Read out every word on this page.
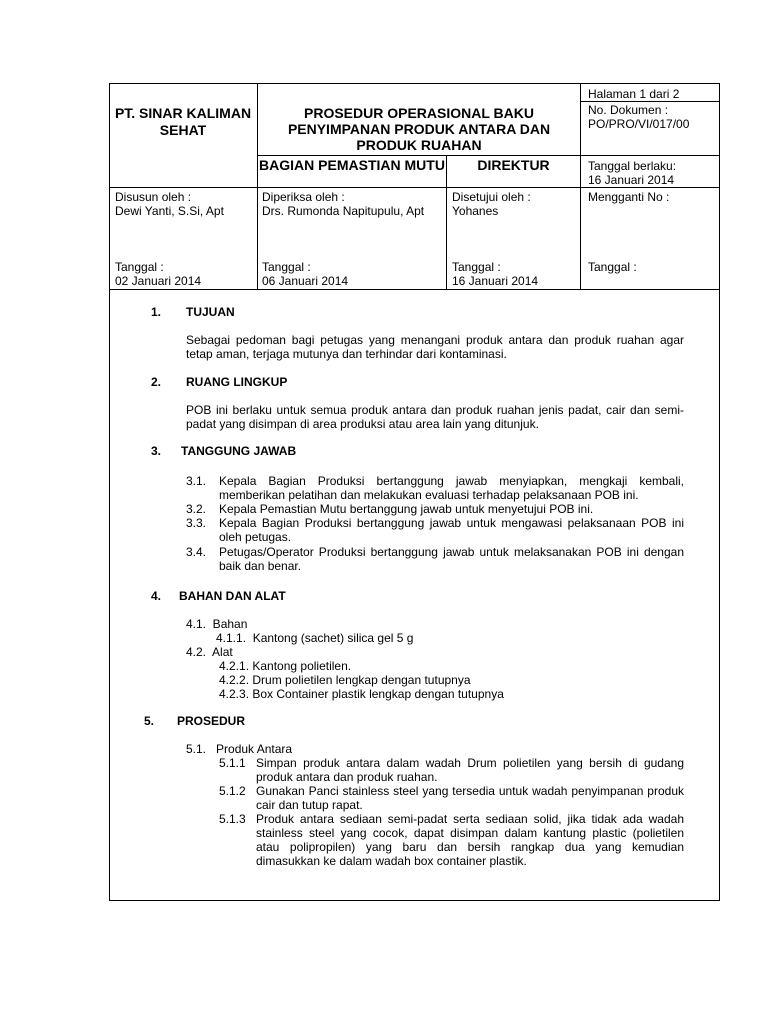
PT. SINAR KALIMAN SEHAT
PROSEDUR OPERASIONAL BAKU PENYIMPANAN PRODUK ANTARA DAN PRODUK RUAHAN
Halaman 1 dari 2
No. Dokumen :
PO/PRO/VI/017/00
BAGIAN PEMASTIAN MUTU	DIREKTUR	Tanggal berlaku:
16 Januari 2014
Disusun oleh :
Dewi Yanti, S.Si, Apt
Diperiksa oleh :
Drs. Rumonda Napitupulu, Apt
Disetujui oleh :
Yohanes
Mengganti No :
Tanggal :
02 Januari 2014
Tanggal :
06 Januari 2014
Tanggal :
16 Januari 2014
Tanggal :
1. TUJUAN
Sebagai pedoman bagi petugas yang menangani produk antara dan produk ruahan agar tetap aman, terjaga mutunya dan terhindar dari kontaminasi.
2. RUANG LINGKUP
POB ini berlaku untuk semua produk antara dan produk ruahan jenis padat, cair dan semi-padat yang disimpan di area produksi atau area lain yang ditunjuk.
3. TANGGUNG JAWAB
3.1. Kepala Bagian Produksi bertanggung jawab menyiapkan, mengkaji kembali, memberikan pelatihan dan melakukan evaluasi terhadap pelaksanaan POB ini.
3.2. Kepala Pemastian Mutu bertanggung jawab untuk menyetujui POB ini.
3.3. Kepala Bagian Produksi bertanggung jawab untuk mengawasi pelaksanaan POB ini oleh petugas.
3.4. Petugas/Operator Produksi bertanggung jawab untuk melaksanakan POB ini dengan baik dan benar.
4. BAHAN DAN ALAT
4.1.  Bahan
4.1.1.  Kantong (sachet) silica gel 5 g
4.2.  Alat
4.2.1. Kantong polietilen.
4.2.2. Drum polietilen lengkap dengan tutupnya
4.2.3. Box Container plastik lengkap dengan tutupnya
5. PROSEDUR
5.1.   Produk Antara
5.1.1 Simpan produk antara dalam wadah Drum polietilen yang bersih di gudang produk antara dan produk ruahan.
5.1.2 Gunakan Panci stainless steel yang tersedia untuk wadah penyimpanan produk cair dan tutup rapat.
5.1.3 Produk antara sediaan semi-padat serta sediaan solid, jika tidak ada wadah stainless steel yang cocok, dapat disimpan dalam kantung plastic (polietilen atau polipropilen) yang baru dan bersih rangkap dua yang kemudian dimasukkan ke dalam wadah box container plastik.
